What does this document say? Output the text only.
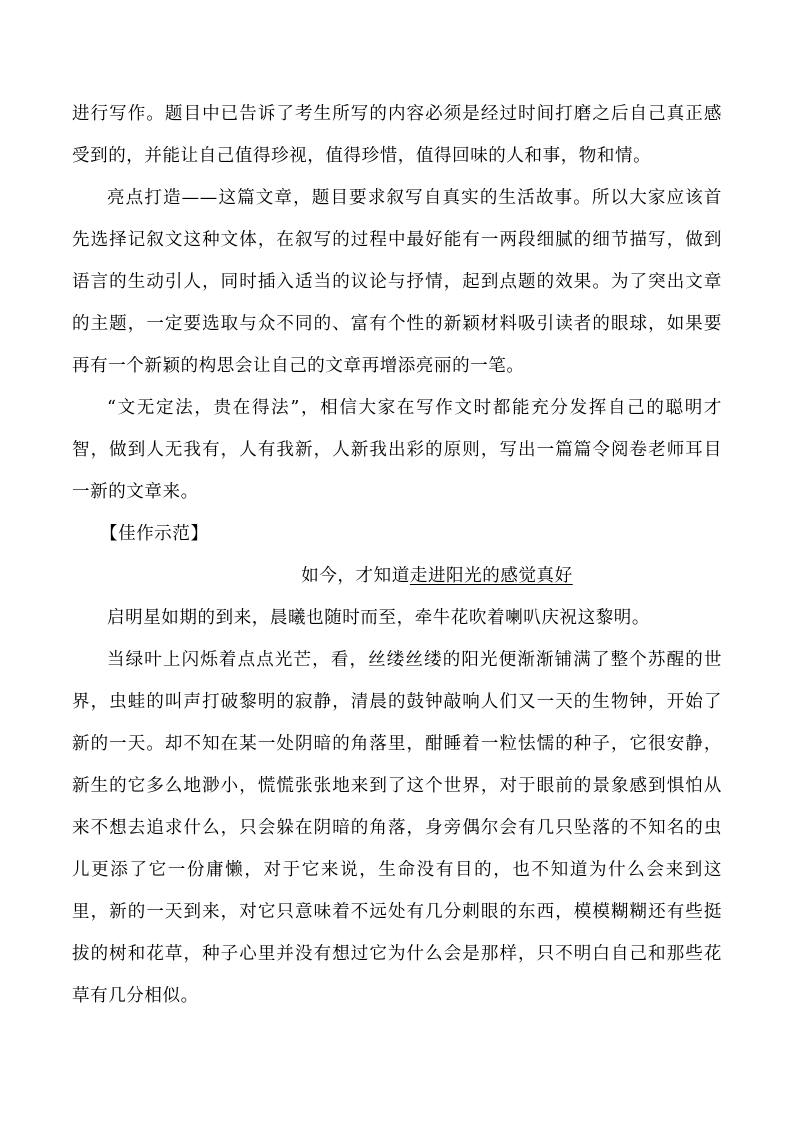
进行写作。题目中已告诉了考生所写的内容必须是经过时间打磨之后自己真正感受到的，并能让自己值得珍视，值得珍惜，值得回味的人和事，物和情。

亮点打造——这篇文章，题目要求叙写自真实的生活故事。所以大家应该首先选择记叙文这种文体，在叙写的过程中最好能有一两段细腻的细节描写，做到语言的生动引人，同时插入适当的议论与抒情，起到点题的效果。为了突出文章的主题，一定要选取与众不同的、富有个性的新颖材料吸引读者的眼球，如果要再有一个新颖的构思会让自己的文章再增添亮丽的一笔。

“文无定法，贵在得法”，相信大家在写作文时都能充分发挥自己的聪明才智，做到人无我有，人有我新，人新我出彩的原则，写出一篇篇令阅卷老师耳目一新的文章来。

【佳作示范】

如今，才知道走进阳光的感觉真好

启明星如期的到来，晨曦也随时而至，牵牛花吹着喇叭庆祝这黎明。

当绿叶上闪烁着点点光芒，看，丝缕丝缕的阳光便渐渐铺满了整个苏醒的世界，虫蛙的叫声打破黎明的寂静，清晨的鼓钟敲响人们又一天的生物钟，开始了新的一天。却不知在某一处阴暗的角落里，酣睡着一粒怯懦的种子，它很安静，新生的它多么地渺小，慌慌张张地来到了这个世界，对于眼前的景象感到惧怕从来不想去追求什么，只会躲在阴暗的角落，身旁偶尔会有几只坠落的不知名的虫儿更添了它一份庸懒，对于它来说，生命没有目的，也不知道为什么会来到这里，新的一天到来，对它只意味着不远处有几分刺眼的东西，模模糊糊还有些挺拔的树和花草，种子心里并没有想过它为什么会是那样，只不明白自己和那些花草有几分相似。
